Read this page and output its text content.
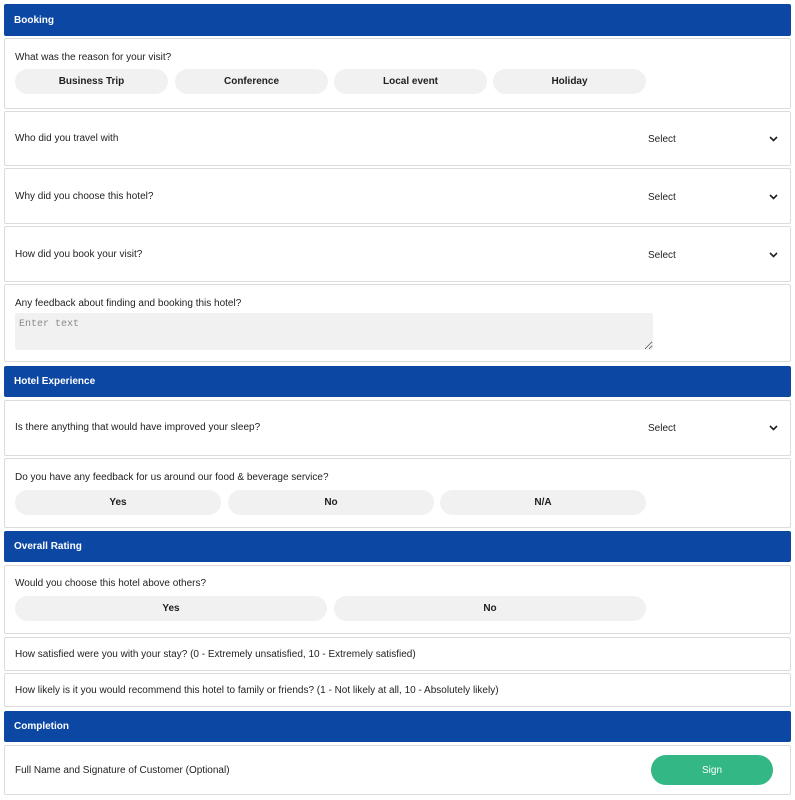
Booking
What was the reason for your visit?
Business Trip	Conference	Local event	Holiday
Who did you travel with	Select
Why did you choose this hotel?	Select
How did you book your visit?	Select
Any feedback about finding and booking this hotel?
Enter text
Hotel Experience
Is there anything that would have improved your sleep?	Select
Do you have any feedback for us around our food & beverage service?
Yes	No	N/A
Overall Rating
Would you choose this hotel above others?
Yes	No
How satisfied were you with your stay? (0 - Extremely unsatisfied, 10 - Extremely satisfied)
How likely is it you would recommend this hotel to family or friends? (1 - Not likely at all, 10 - Absolutely likely)
Completion
Full Name and Signature of Customer (Optional)	Sign
